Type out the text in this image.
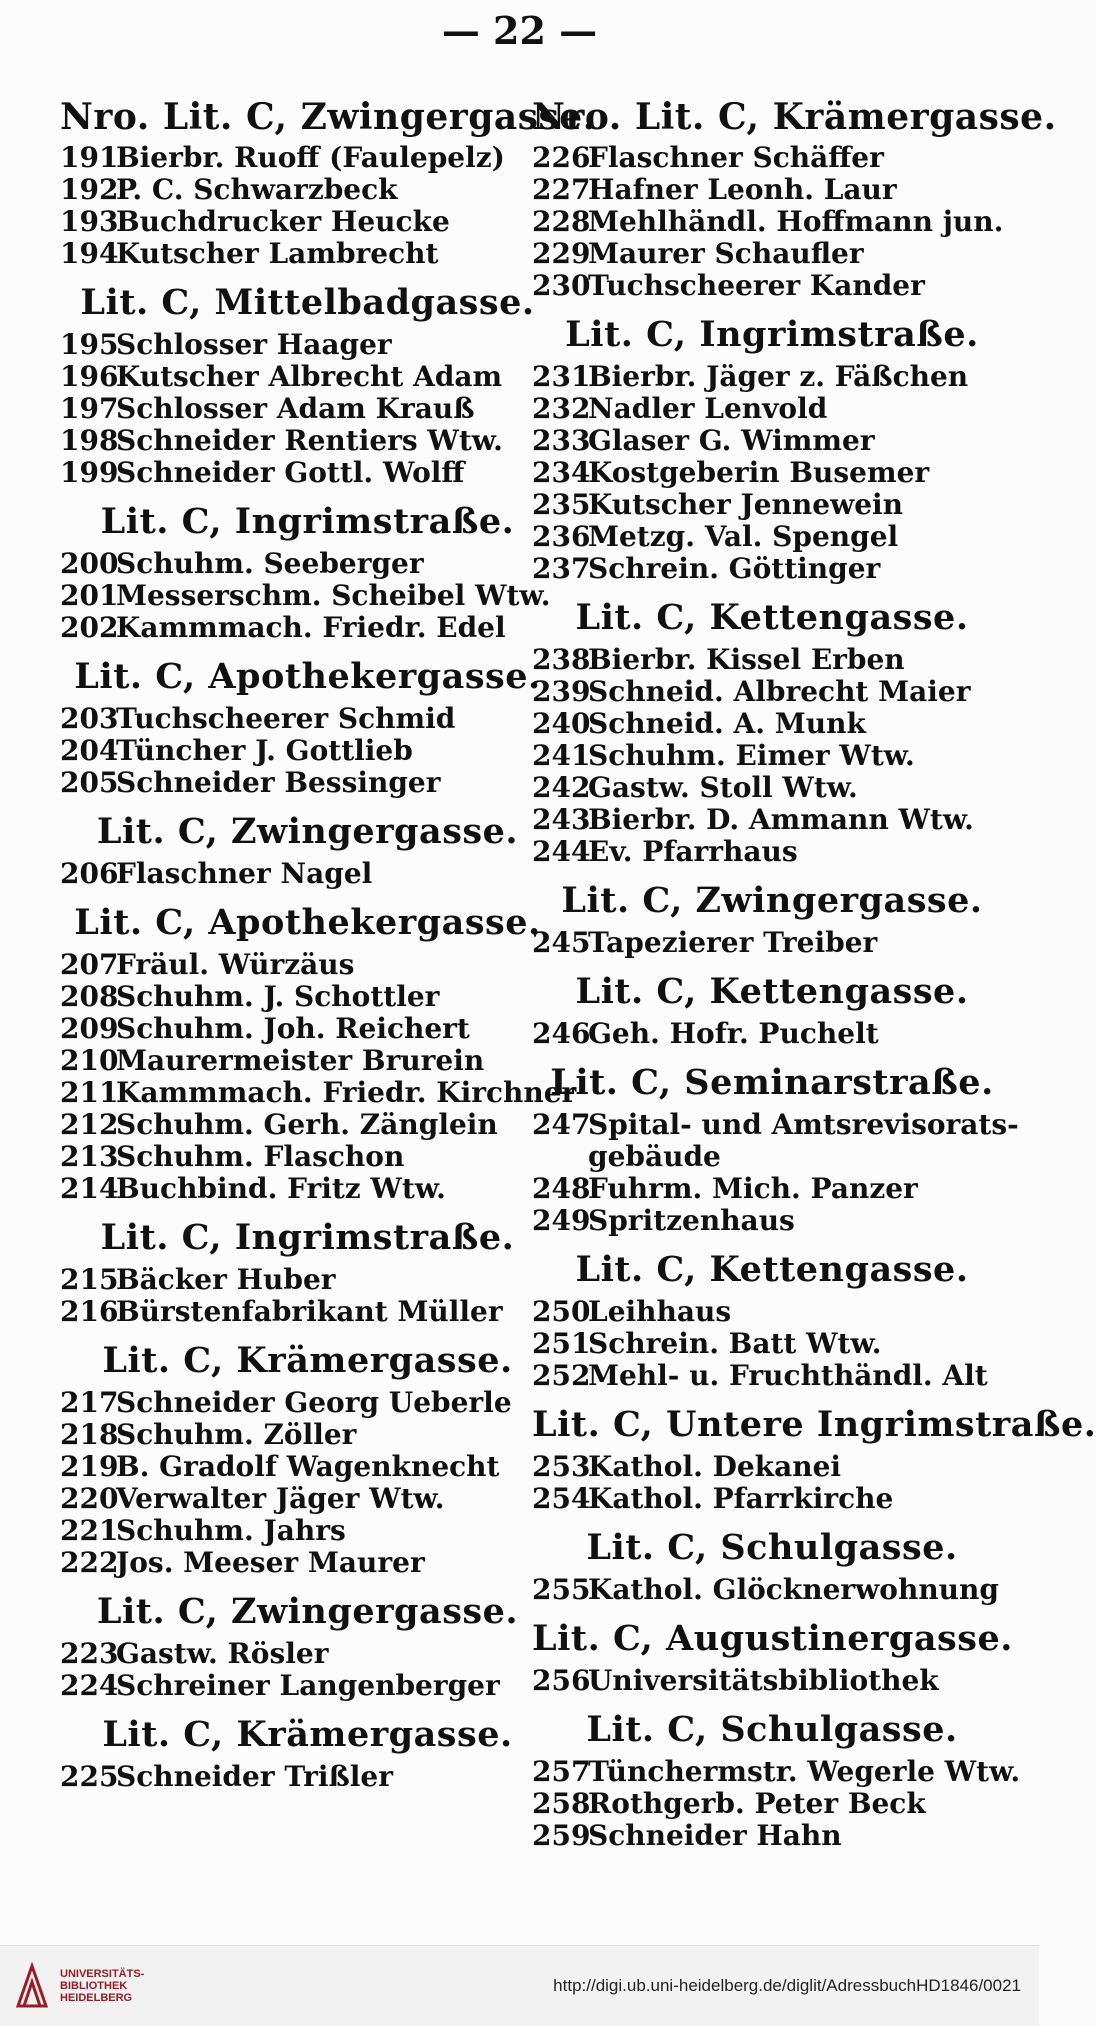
— 22 —
Nro. Lit. C, Zwingergasse.
191Bierbr. Ruoff (Faulepelz)
192P. C. Schwarzbeck
193Buchdrucker Heucke
194Kutscher Lambrecht
Lit. C, Mittelbadgasse.
195Schlosser Haager
196Kutscher Albrecht Adam
197Schlosser Adam Krauß
198Schneider Rentiers Wtw.
199Schneider Gottl. Wolff
Lit. C, Ingrimstraße.
200Schuhm. Seeberger
201Messerschm. Scheibel Wtw.
202Kammmach. Friedr. Edel
Lit. C, Apothekergasse.
203Tuchscheerer Schmid
204Tüncher J. Gottlieb
205Schneider Bessinger
Lit. C, Zwingergasse.
206Flaschner Nagel
Lit. C, Apothekergasse.
207Fräul. Würzäus
208Schuhm. J. Schottler
209Schuhm. Joh. Reichert
210Maurermeister Brurein
211Kammmach. Friedr. Kirchner
212Schuhm. Gerh. Zänglein
213Schuhm. Flaschon
214Buchbind. Fritz Wtw.
Lit. C, Ingrimstraße.
215Bäcker Huber
216Bürstenfabrikant Müller
Lit. C, Krämergasse.
217Schneider Georg Ueberle
218Schuhm. Zöller
219B. Gradolf Wagenknecht
220Verwalter Jäger Wtw.
221Schuhm. Jahrs
222Jos. Meeser Maurer
Lit. C, Zwingergasse.
223Gastw. Rösler
224Schreiner Langenberger
Lit. C, Krämergasse.
225Schneider Trißler
Nro. Lit. C, Krämergasse.
226Flaschner Schäffer
227Hafner Leonh. Laur
228Mehlhändl. Hoffmann jun.
229Maurer Schaufler
230Tuchscheerer Kander
Lit. C, Ingrimstraße.
231Bierbr. Jäger z. Fäßchen
232Nadler Lenvold
233Glaser G. Wimmer
234Kostgeberin Busemer
235Kutscher Jennewein
236Metzg. Val. Spengel
237Schrein. Göttinger
Lit. C, Kettengasse.
238Bierbr. Kissel Erben
239Schneid. Albrecht Maier
240Schneid. A. Munk
241Schuhm. Eimer Wtw.
242Gastw. Stoll Wtw.
243Bierbr. D. Ammann Wtw.
244Ev. Pfarrhaus
Lit. C, Zwingergasse.
245Tapezierer Treiber
Lit. C, Kettengasse.
246Geh. Hofr. Puchelt
Lit. C, Seminarstraße.
247Spital- und Amtsrevisorats-
gebäude
248Fuhrm. Mich. Panzer
249Spritzenhaus
Lit. C, Kettengasse.
250Leihhaus
251Schrein. Batt Wtw.
252Mehl- u. Fruchthändl. Alt
Lit. C, Untere Ingrimstraße.
253Kathol. Dekanei
254Kathol. Pfarrkirche
Lit. C, Schulgasse.
255Kathol. Glöcknerwohnung
Lit. C, Augustinergasse.
256Universitätsbibliothek
Lit. C, Schulgasse.
257Tünchermstr. Wegerle Wtw.
258Rothgerb. Peter Beck
259Schneider Hahn
UNIVERSITÄTS-
BIBLIOTHEK
HEIDELBERG
http://digi.ub.uni-heidelberg.de/diglit/AdressbuchHD1846/0021
